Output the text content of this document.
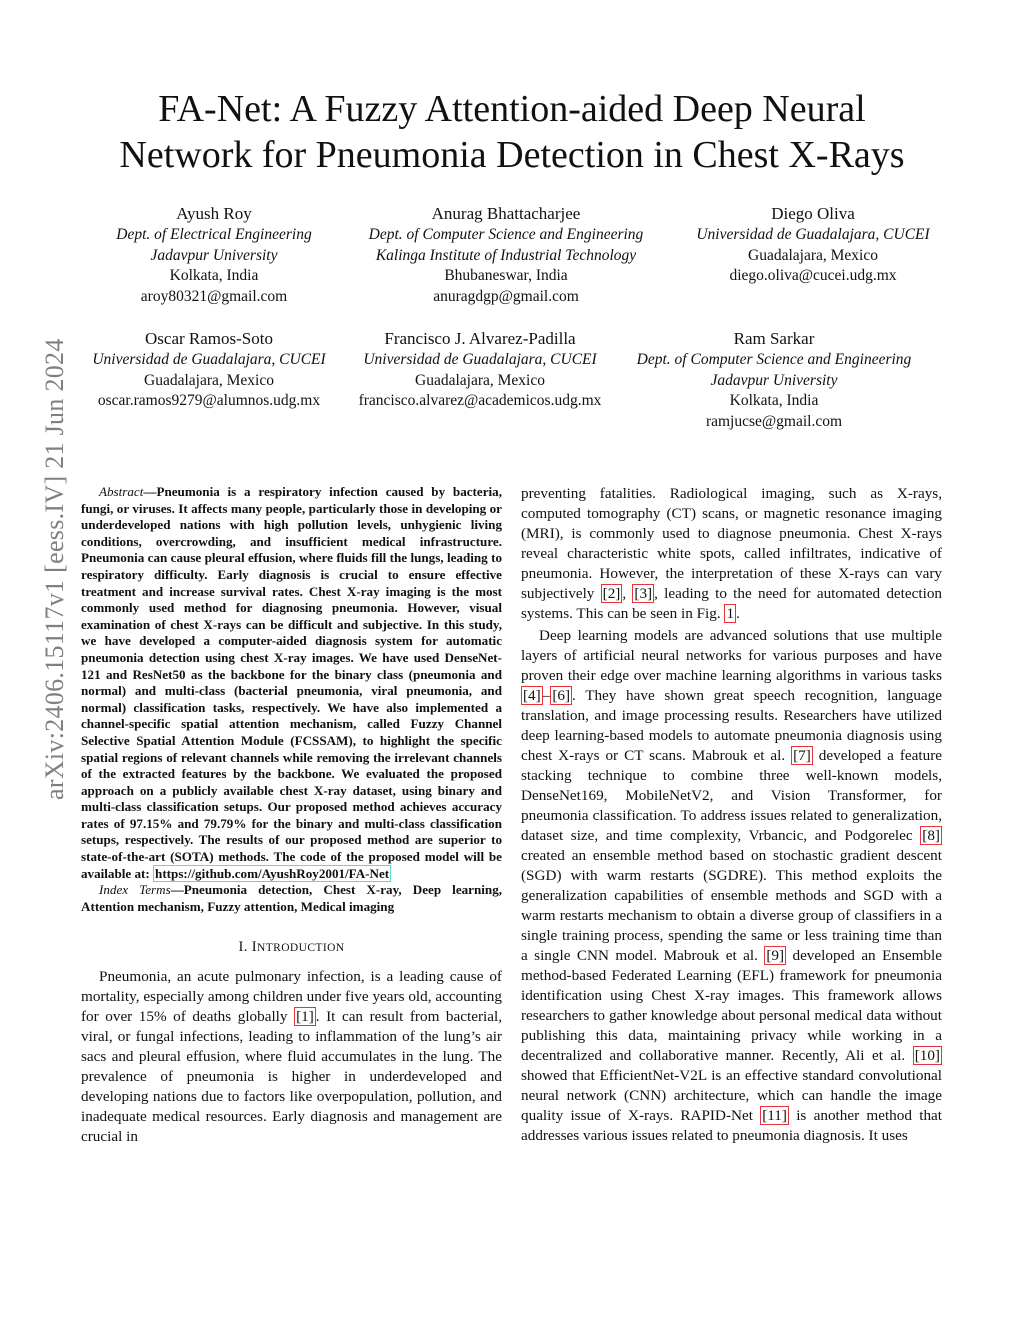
arXiv:2406.15117v1 [eess.IV] 21 Jun 2024
FA-Net: A Fuzzy Attention-aided Deep Neural
Network for Pneumonia Detection in Chest X-Rays
Ayush Roy
Dept. of Electrical Engineering
Jadavpur University
Kolkata, India
aroy80321@gmail.com
Anurag Bhattacharjee
Dept. of Computer Science and Engineering
Kalinga Institute of Industrial Technology
Bhubaneswar, India
anuragdgp@gmail.com
Diego Oliva
Universidad de Guadalajara, CUCEI
Guadalajara, Mexico
diego.oliva@cucei.udg.mx
Oscar Ramos-Soto
Universidad de Guadalajara, CUCEI
Guadalajara, Mexico
oscar.ramos9279@alumnos.udg.mx
Francisco J. Alvarez-Padilla
Universidad de Guadalajara, CUCEI
Guadalajara, Mexico
francisco.alvarez@academicos.udg.mx
Ram Sarkar
Dept. of Computer Science and Engineering
Jadavpur University
Kolkata, India
ramjucse@gmail.com

Abstract—Pneumonia is a respiratory infection caused by bacteria, fungi, or viruses. It affects many people, particularly those in developing or underdeveloped nations with high pollution levels, unhygienic living conditions, overcrowding, and insufficient medical infrastructure. Pneumonia can cause pleural effusion, where fluids fill the lungs, leading to respiratory difficulty. Early diagnosis is crucial to ensure effective treatment and increase survival rates. Chest X-ray imaging is the most commonly used method for diagnosing pneumonia. However, visual examination of chest X-rays can be difficult and subjective. In this study, we have developed a computer-aided diagnosis system for automatic pneumonia detection using chest X-ray images. We have used DenseNet-121 and ResNet50 as the backbone for the binary class (pneumonia and normal) and multi-class (bacterial pneumonia, viral pneumonia, and normal) classification tasks, respectively. We have also implemented a channel-specific spatial attention mechanism, called Fuzzy Channel Selective Spatial Attention Module (FCSSAM), to highlight the specific spatial regions of relevant channels while removing the irrelevant channels of the extracted features by the backbone. We evaluated the proposed approach on a publicly available chest X-ray dataset, using binary and multi-class classification setups. Our proposed method achieves accuracy rates of 97.15% and 79.79% for the binary and multi-class classification setups, respectively. The results of our proposed method are superior to state-of-the-art (SOTA) methods. The code of the proposed model will be available at: https://github.com/AyushRoy2001/FA-Net

Index Terms—Pneumonia detection, Chest X-ray, Deep learning, Attention mechanism, Fuzzy attention, Medical imaging

I. INTRODUCTION

Pneumonia, an acute pulmonary infection, is a leading cause of mortality, especially among children under five years old, accounting for over 15% of deaths globally [1] . It can result from bacterial, viral, or fungal infections, leading to inflammation of the lung’s air sacs and pleural effusion, where fluid accumulates in the lung. The prevalence of pneumonia is higher in underdeveloped and developing nations due to factors like overpopulation, pollution, and inadequate medical resources. Early diagnosis and management are crucial in

preventing fatalities. Radiological imaging, such as X-rays, computed tomography (CT) scans, or magnetic resonance imaging (MRI), is commonly used to diagnose pneumonia. Chest X-rays reveal characteristic white spots, called infiltrates, indicative of pneumonia. However, the interpretation of these X-rays can vary subjectively [2] , [3] , leading to the need for automated detection systems. This can be seen in Fig. 1 .

Deep learning models are advanced solutions that use multiple layers of artificial neural networks for various purposes and have proven their edge over machine learning algorithms in various tasks [4] – [6] . They have shown great speech recognition, language translation, and image processing results. Researchers have utilized deep learning-based models to automate pneumonia diagnosis using chest X-rays or CT scans. Mabrouk et al. [7] developed a feature stacking technique to combine three well-known models, DenseNet169, MobileNetV2, and Vision Transformer, for pneumonia classification. To address issues related to generalization, dataset size, and time complexity, Vrbancic, and Podgorelec [8] created an ensemble method based on stochastic gradient descent (SGD) with warm restarts (SGDRE). This method exploits the generalization capabilities of ensemble methods and SGD with a warm restarts mechanism to obtain a diverse group of classifiers in a single training process, spending the same or less training time than a single CNN model. Mabrouk et al. [9] developed an Ensemble method-based Federated Learning (EFL) framework for pneumonia identification using Chest X-ray images. This framework allows researchers to gather knowledge about personal medical data without publishing this data, maintaining privacy while working in a decentralized and collaborative manner. Recently, Ali et al. [10] showed that EfficientNet-V2L is an effective standard convolutional neural network (CNN) architecture, which can handle the image quality issue of X-rays. RAPID-Net [11] is another method that addresses various issues related to pneumonia diagnosis. It uses
